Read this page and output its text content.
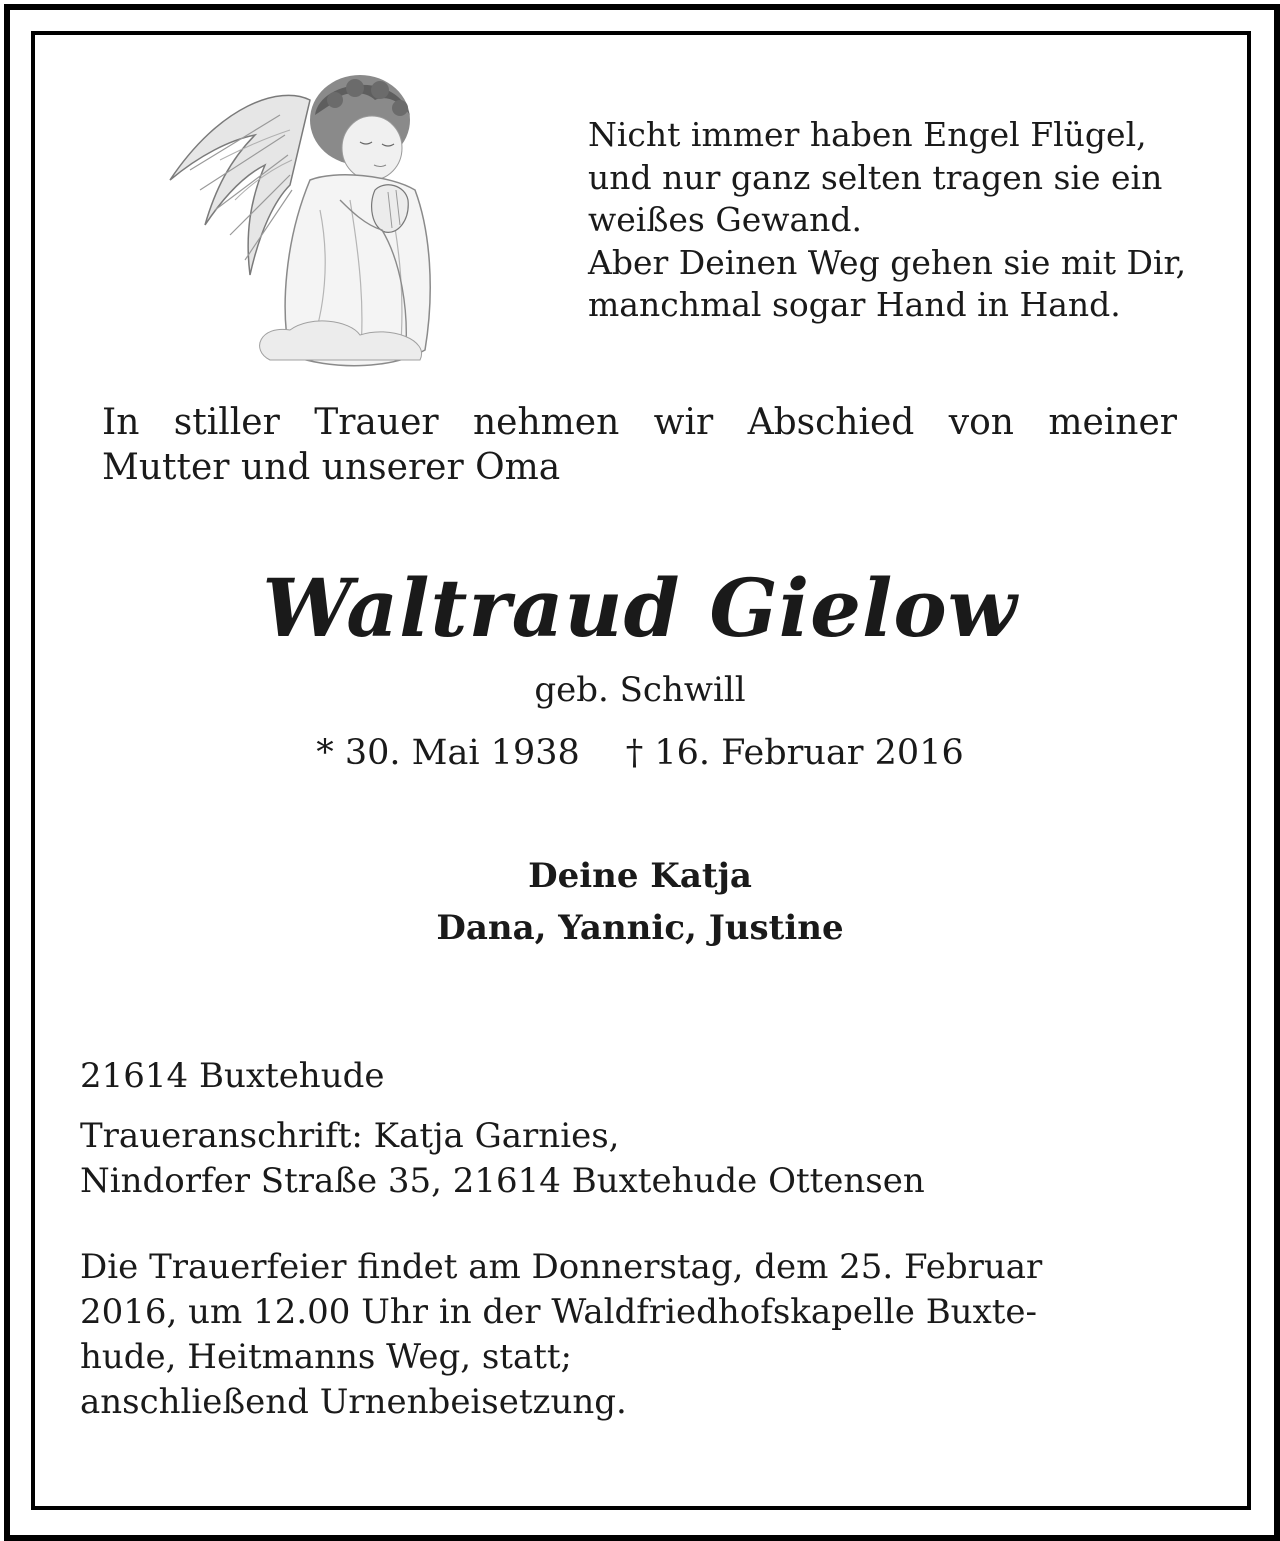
Nicht immer haben Engel Flügel,
und nur ganz selten tragen sie ein
weißes Gewand.
Aber Deinen Weg gehen sie mit Dir,
manchmal sogar Hand in Hand.
In stiller Trauer nehmen wir Abschied von meiner
Mutter und unserer Oma
Waltraud Gielow
geb. Schwill
* 30. Mai 1938 † 16. Februar 2016
Deine Katja
Dana, Yannic, Justine
21614 Buxtehude
Traueranschrift: Katja Garnies,
Nindorfer Straße 35, 21614 Buxtehude Ottensen
Die Trauerfeier findet am Donnerstag, dem 25. Februar
2016, um 12.00 Uhr in der Waldfriedhofskapelle Buxte-
hude, Heitmanns Weg, statt;
anschließend Urnenbeisetzung.
